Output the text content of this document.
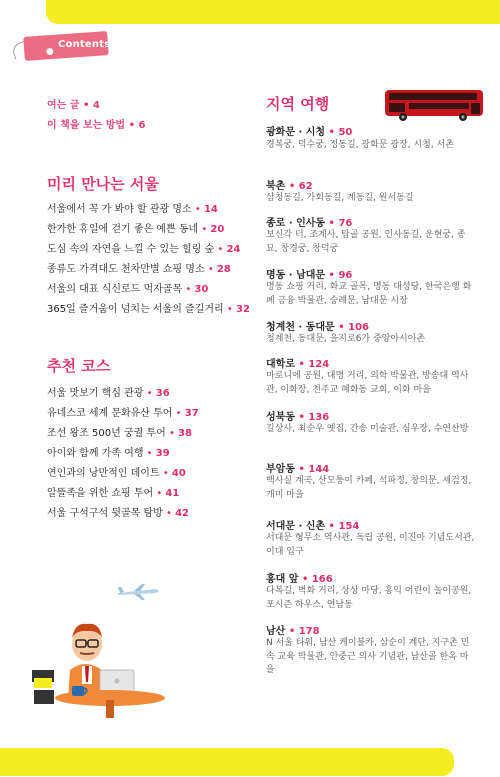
Contents
여는 글 • 4
이 책을 보는 방법 • 6
미리 만나는 서울
서울에서 꼭 가 봐야 할 관광 명소 • 14
한가한 휴일에 걷기 좋은 예쁜 동네 • 20
도심 속의 자연을 느낄 수 있는 힐링 숲 • 24
종류도 가격대도 천차만별 쇼핑 명소 • 28
서울의 대표 식신로드 먹자골목 • 30
365일 즐거움이 넘치는 서울의 즐길거리 • 32
추천 코스
서울 맛보기 핵심 관광 • 36
유네스코 세계 문화유산 투어 • 37
조선 왕조 500년 궁궐 투어 • 38
아이와 함께 가족 여행 • 39
연인과의 낭만적인 데이트 • 40
알뜰족을 위한 쇼핑 투어 • 41
서울 구석구석 뒷골목 탐방 • 42
지역 여행
광화문 · 시청 • 50
경복궁, 덕수궁, 정동길, 광화문 광장, 시청, 서촌
북촌 • 62
삼청동길, 가회동길, 계동길, 원서동길
종로 · 인사동 • 76
보신각 터, 조계사, 탑골 공원, 인사동길, 운현궁, 종묘, 창경궁, 창덕궁
명동 · 남대문 • 96
명동 쇼핑 거리, 화교 골목, 명동 대성당, 한국은행 화폐 금융 박물관, 숭례문, 남대문 시장
청계천 · 동대문 • 106
청계천, 동대문, 을지로6가 중앙아시아촌
대학로 • 124
마로니에 공원, 대명 거리, 의학 박물관, 방송대 역사관, 이화장, 천주교 혜화동 교회, 이화 마을
성북동 • 136
길상사, 최순우 옛집, 간송 미술관, 심우장, 수연산방
부암동 • 144
백사실 계곡, 산모퉁이 카페, 석파정, 창의문, 세검정, 개미 마을
서대문 · 신촌 • 154
서대문 형무소 역사관, 독립 공원, 이진아 기념도서관, 이대 입구
홍대 앞 • 166
다복길, 벽화 거리, 상상 마당, 홍익 어린이 놀이공원, 포시즌 하우스, 연남동
남산 • 178
N 서울 타워, 남산 케이블카, 삼순이 계단, 지구촌 민속 교육 박물관, 안중근 의사 기념관, 남산골 한옥 마을
